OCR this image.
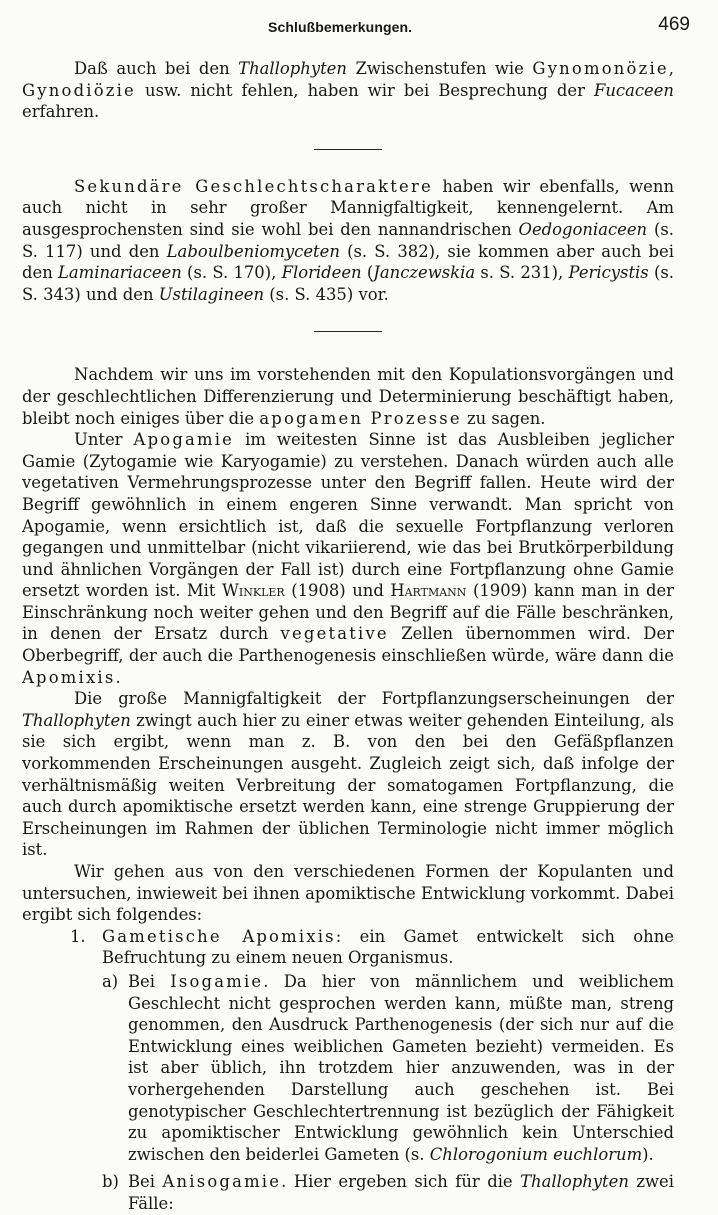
Schlußbemerkungen.	469

Daß auch bei den Thallophyten Zwischenstufen wie Gynomonözie, Gynodiözie usw. nicht fehlen, haben wir bei Besprechung der Fucaceen erfahren.

Sekundäre Geschlechtscharaktere haben wir ebenfalls, wenn auch nicht in sehr großer Mannigfaltigkeit, kennengelernt. Am ausgesprochensten sind sie wohl bei den nannandrischen Oedogoniaceen (s. S. 117) und den Laboulbeniomyceten (s. S. 382), sie kommen aber auch bei den Laminariaceen (s. S. 170), Florideen (Janczewskia s. S. 231), Pericystis (s. S. 343) und den Ustilagineen (s. S. 435) vor.

Nachdem wir uns im vorstehenden mit den Kopulationsvorgängen und der geschlechtlichen Differenzierung und Determinierung beschäftigt haben, bleibt noch einiges über die apogamen Prozesse zu sagen.

Unter Apogamie im weitesten Sinne ist das Ausbleiben jeglicher Gamie (Zytogamie wie Karyogamie) zu verstehen. Danach würden auch alle vegetativen Vermehrungsprozesse unter den Begriff fallen. Heute wird der Begriff gewöhnlich in einem engeren Sinne verwandt. Man spricht von Apogamie, wenn ersichtlich ist, daß die sexuelle Fortpflanzung verloren gegangen und unmittelbar (nicht vikariierend, wie das bei Brutkörperbildung und ähnlichen Vorgängen der Fall ist) durch eine Fortpflanzung ohne Gamie ersetzt worden ist. Mit Winkler (1908) und Hartmann (1909) kann man in der Einschränkung noch weiter gehen und den Begriff auf die Fälle beschränken, in denen der Ersatz durch vegetative Zellen übernommen wird. Der Oberbegriff, der auch die Parthenogenesis einschließen würde, wäre dann die Apomixis.

Die große Mannigfaltigkeit der Fortpflanzungserscheinungen der Thallophyten zwingt auch hier zu einer etwas weiter gehenden Einteilung, als sie sich ergibt, wenn man z. B. von den bei den Gefäßpflanzen vorkommenden Erscheinungen ausgeht. Zugleich zeigt sich, daß infolge der verhältnismäßig weiten Verbreitung der somatogamen Fortpflanzung, die auch durch apomiktische ersetzt werden kann, eine strenge Gruppierung der Erscheinungen im Rahmen der üblichen Terminologie nicht immer möglich ist.

Wir gehen aus von den verschiedenen Formen der Kopulanten und untersuchen, inwieweit bei ihnen apomiktische Entwicklung vorkommt. Dabei ergibt sich folgendes:

1. Gametische Apomixis: ein Gamet entwickelt sich ohne Befruchtung zu einem neuen Organismus.
a) Bei Isogamie. Da hier von männlichem und weiblichem Geschlecht nicht gesprochen werden kann, müßte man, streng genommen, den Ausdruck Parthenogenesis (der sich nur auf die Entwicklung eines weiblichen Gameten bezieht) vermeiden. Es ist aber üblich, ihn trotzdem hier anzuwenden, was in der vorhergehenden Darstellung auch geschehen ist. Bei genotypischer Geschlechtertrennung ist bezüglich der Fähigkeit zu apomiktischer Entwicklung gewöhnlich kein Unterschied zwischen den beiderlei Gameten (s. Chlorogonium euchlorum).
b) Bei Anisogamie. Hier ergeben sich für die Thallophyten zwei Fälle:
